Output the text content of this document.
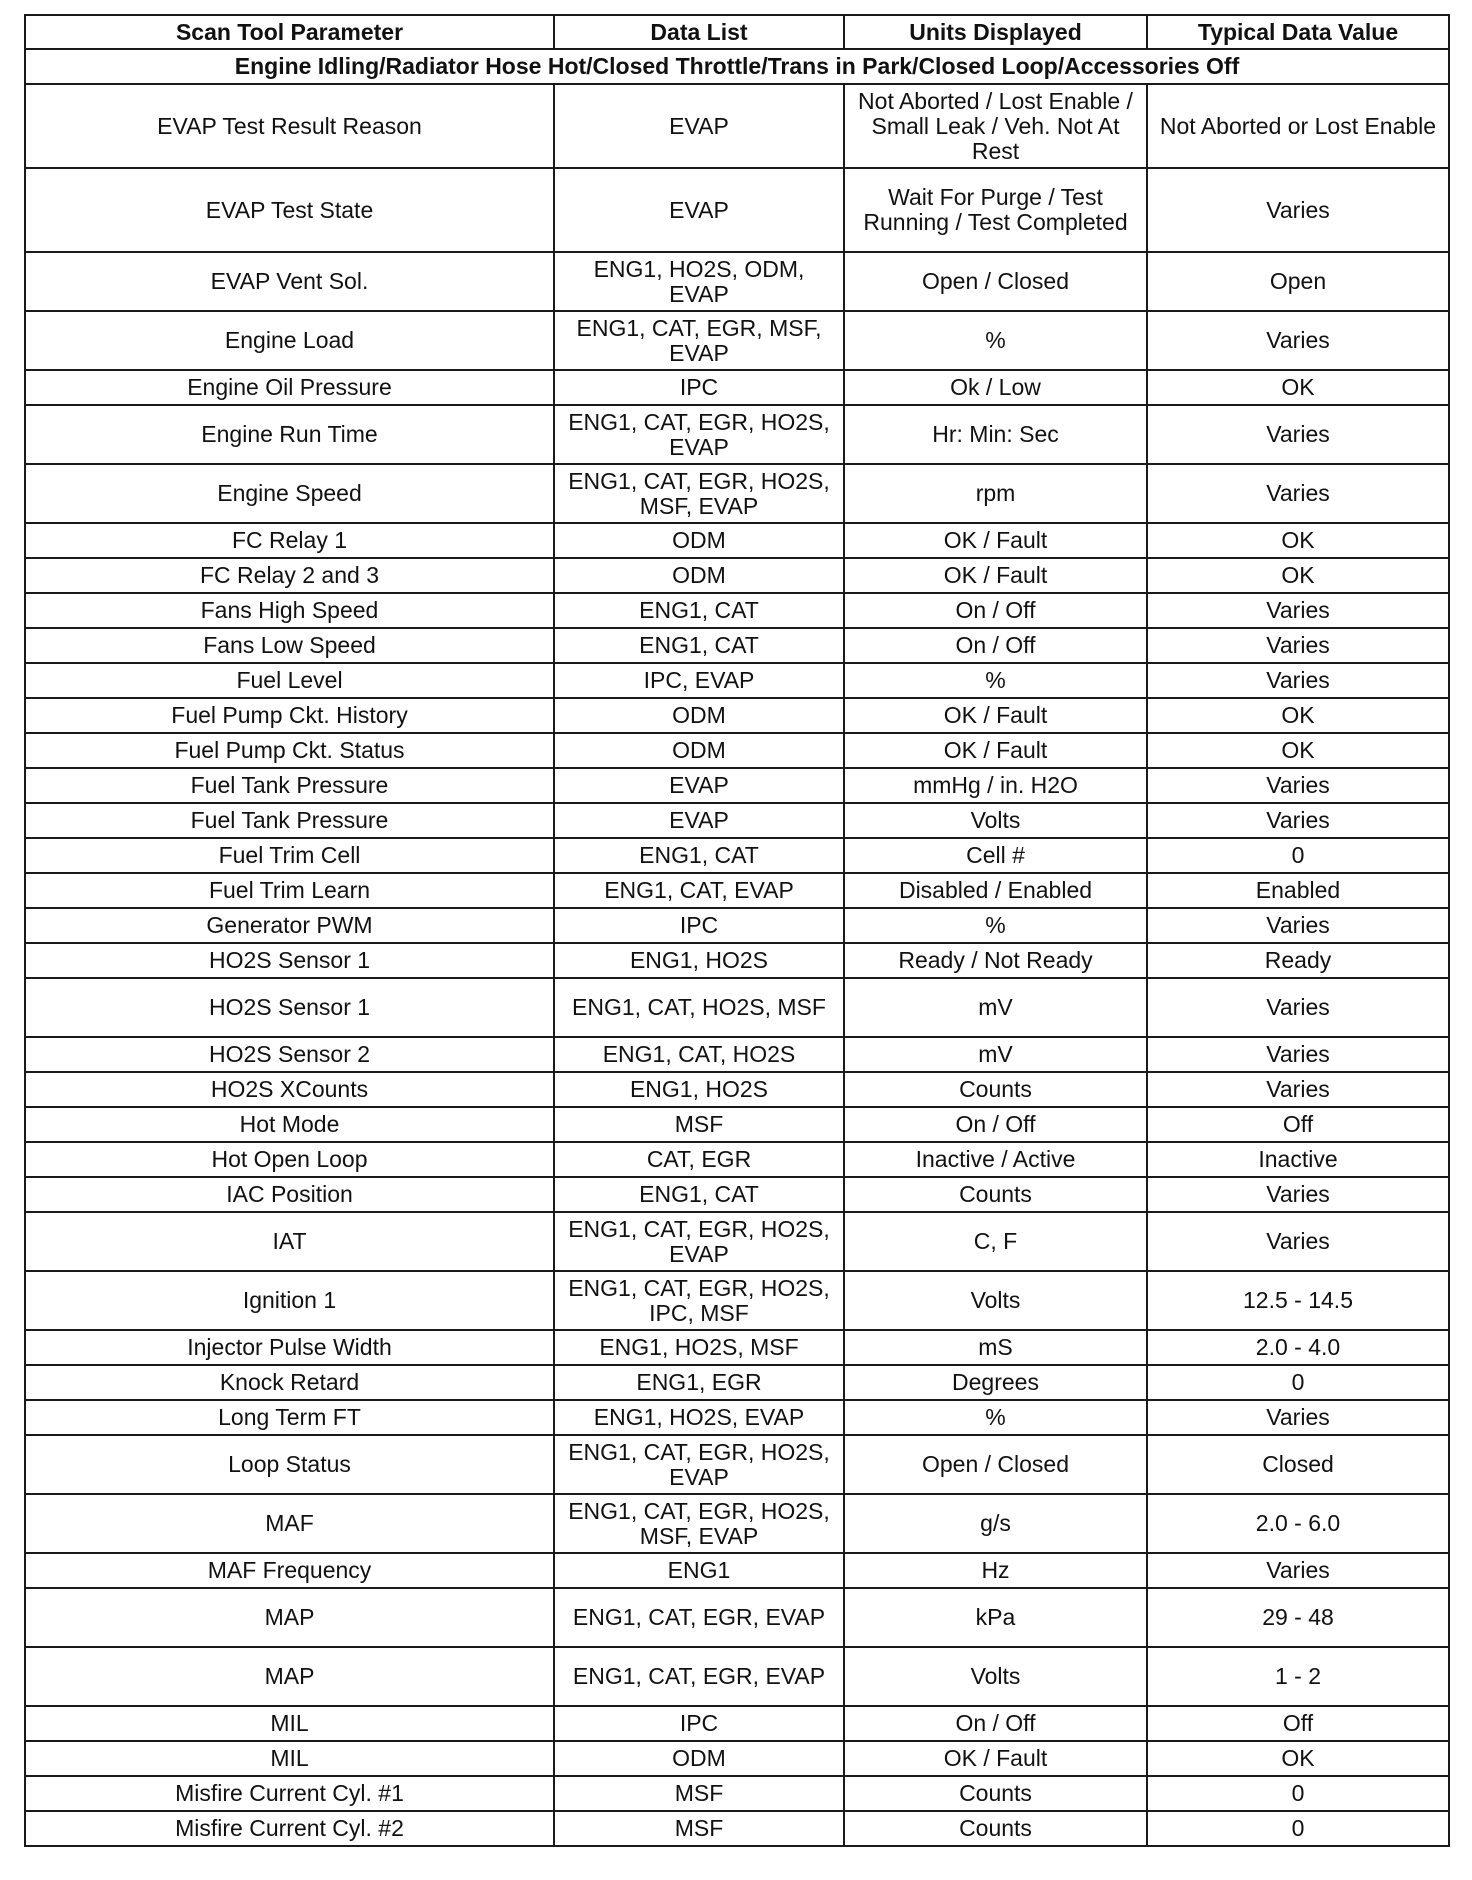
Scan Tool Parameter	Data List	Units Displayed	Typical Data Value
Engine Idling/Radiator Hose Hot/Closed Throttle/Trans in Park/Closed Loop/Accessories Off			
EVAP Test Result Reason	EVAP	Not Aborted / Lost Enable / Small Leak / Veh. Not At Rest	Not Aborted or Lost Enable
EVAP Test State	EVAP	Wait For Purge / Test Running / Test Completed	Varies
EVAP Vent Sol.	ENG1, HO2S, ODM, EVAP	Open / Closed	Open
Engine Load	ENG1, CAT, EGR, MSF, EVAP	%	Varies
Engine Oil Pressure	IPC	Ok / Low	OK
Engine Run Time	ENG1, CAT, EGR, HO2S, EVAP	Hr: Min: Sec	Varies
Engine Speed	ENG1, CAT, EGR, HO2S, MSF, EVAP	rpm	Varies
FC Relay 1	ODM	OK / Fault	OK
FC Relay 2 and 3	ODM	OK / Fault	OK
Fans High Speed	ENG1, CAT	On / Off	Varies
Fans Low Speed	ENG1, CAT	On / Off	Varies
Fuel Level	IPC, EVAP	%	Varies
Fuel Pump Ckt. History	ODM	OK / Fault	OK
Fuel Pump Ckt. Status	ODM	OK / Fault	OK
Fuel Tank Pressure	EVAP	mmHg / in. H2O	Varies
Fuel Tank Pressure	EVAP	Volts	Varies
Fuel Trim Cell	ENG1, CAT	Cell #	0
Fuel Trim Learn	ENG1, CAT, EVAP	Disabled / Enabled	Enabled
Generator PWM	IPC	%	Varies
HO2S Sensor 1	ENG1, HO2S	Ready / Not Ready	Ready
HO2S Sensor 1	ENG1, CAT, HO2S, MSF	mV	Varies
HO2S Sensor 2	ENG1, CAT, HO2S	mV	Varies
HO2S XCounts	ENG1, HO2S	Counts	Varies
Hot Mode	MSF	On / Off	Off
Hot Open Loop	CAT, EGR	Inactive / Active	Inactive
IAC Position	ENG1, CAT	Counts	Varies
IAT	ENG1, CAT, EGR, HO2S, EVAP	C, F	Varies
Ignition 1	ENG1, CAT, EGR, HO2S, IPC, MSF	Volts	12.5 - 14.5
Injector Pulse Width	ENG1, HO2S, MSF	mS	2.0 - 4.0
Knock Retard	ENG1, EGR	Degrees	0
Long Term FT	ENG1, HO2S, EVAP	%	Varies
Loop Status	ENG1, CAT, EGR, HO2S, EVAP	Open / Closed	Closed
MAF	ENG1, CAT, EGR, HO2S, MSF, EVAP	g/s	2.0 - 6.0
MAF Frequency	ENG1	Hz	Varies
MAP	ENG1, CAT, EGR, EVAP	kPa	29 - 48
MAP	ENG1, CAT, EGR, EVAP	Volts	1 - 2
MIL	IPC	On / Off	Off
MIL	ODM	OK / Fault	OK
Misfire Current Cyl. #1	MSF	Counts	0
Misfire Current Cyl. #2	MSF	Counts	0
